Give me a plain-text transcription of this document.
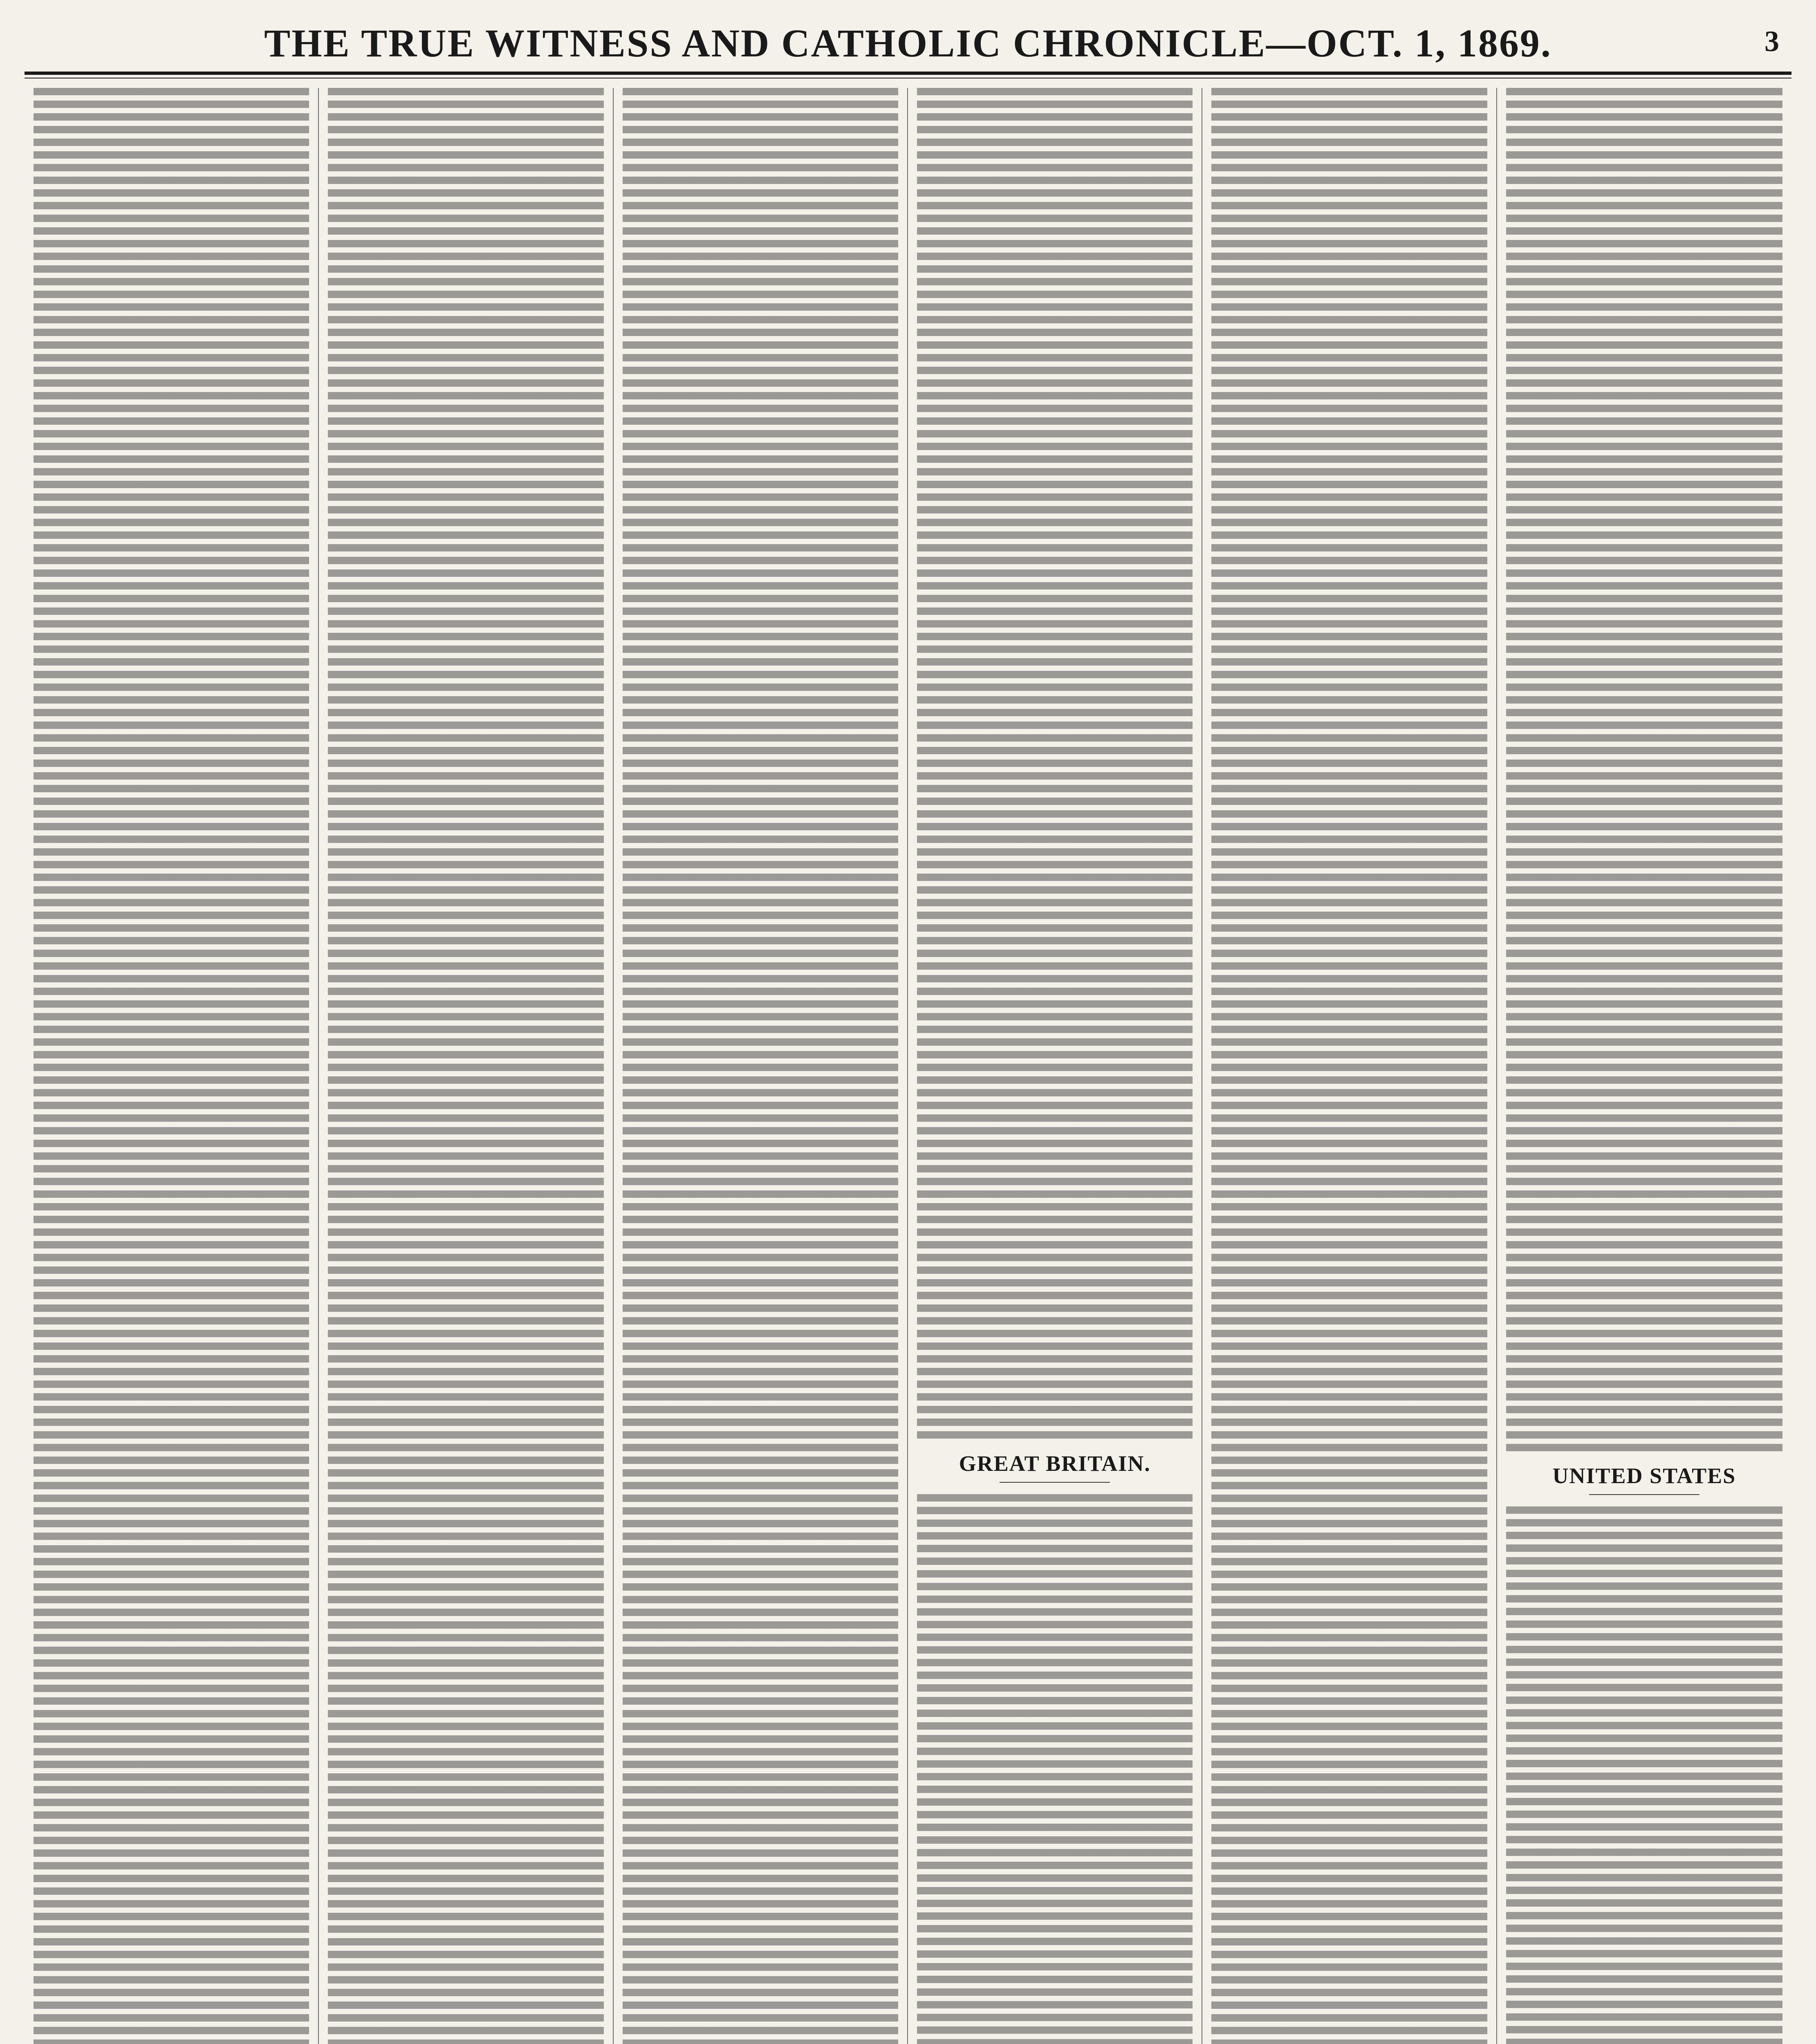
THE TRUE WITNESS AND CATHOLIC CHRONICLE—OCT. 1, 1869.	3
GREAT BRITAIN.	UNITED STATES
